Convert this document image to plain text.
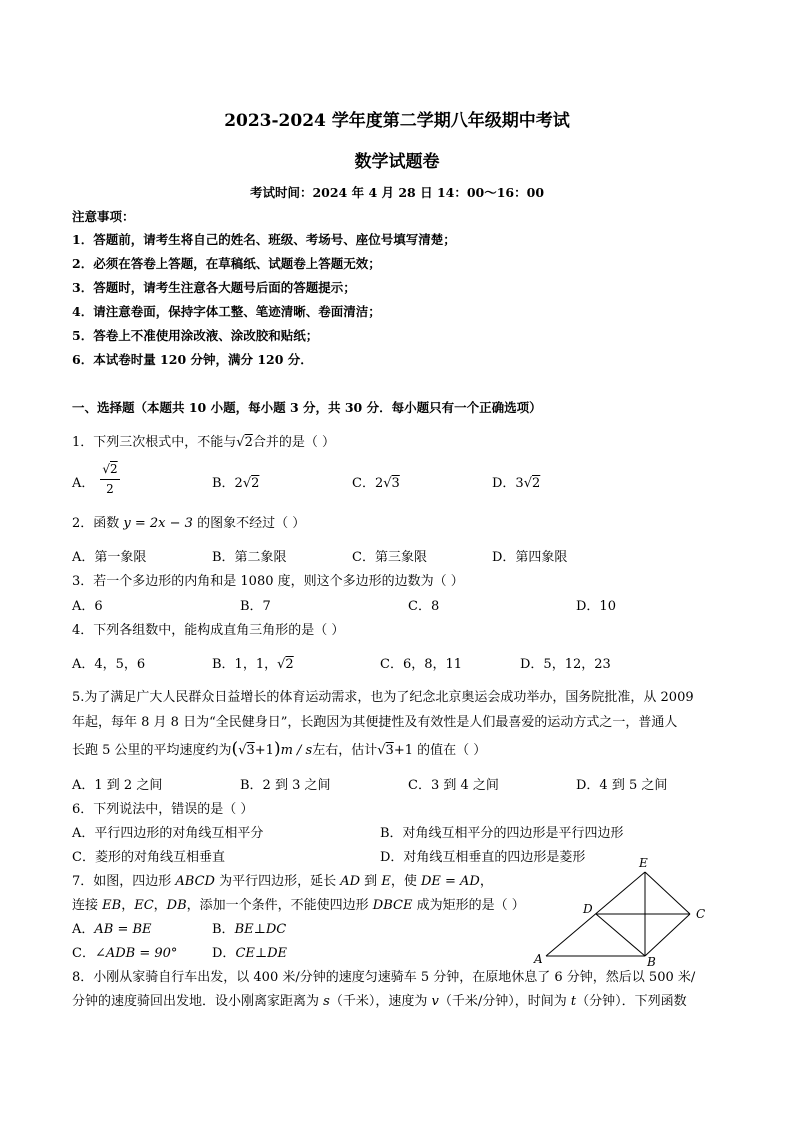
2023-2024 学年度第二学期八年级期中考试
数学试题卷
考试时间：2024 年 4 月 28 日 14：00～16：00
注意事项：
1．答题前，请考生将自己的姓名、班级、考场号、座位号填写清楚；
2．必须在答卷上答题，在草稿纸、试题卷上答题无效；
3．答题时，请考生注意各大题号后面的答题提示；
4．请注意卷面，保持字体工整、笔迹清晰、卷面清洁；
5．答卷上不准使用涂改液、涂改胶和贴纸；
6．本试卷时量 120 分钟，满分 120 分．
一、选择题（本题共 10 小题，每小题 3 分，共 30 分．每小题只有一个正确选项）
1．下列三次根式中，不能与√2合并的是（ ）
A．
√2
2	B．2√2	C．2√3	D．3√2
2．函数 y = 2x − 3 的图象不经过（ ）
A．第一象限	B．第二象限	C．第三象限	D．第四象限
3．若一个多边形的内角和是 1080 度，则这个多边形的边数为（ ）
A．6	B．7	C．8	D．10
4．下列各组数中，能构成直角三角形的是（ ）
A．4，5，6	B．1，1，√2	C．6，8，11	D．5，12，23
5.为了满足广大人民群众日益增长的体育运动需求，也为了纪念北京奥运会成功举办，国务院批准，从 2009
年起，每年 8 月 8 日为“全民健身日”，长跑因为其便捷性及有效性是人们最喜爱的运动方式之一，普通人
长跑 5 公里的平均速度约为(√3+1)m / s左右，估计√3+1 的值在（ ）
A．1 到 2 之间	B．2 到 3 之间	C．3 到 4 之间	D．4 到 5 之间
6．下列说法中，错误的是（ ）
A．平行四边形的对角线互相平分	B．对角线互相平分的四边形是平行四边形
C．菱形的对角线互相垂直	D．对角线互相垂直的四边形是菱形
7．如图，四边形 ABCD 为平行四边形，延长 AD 到 E，使 DE = AD，
连接 EB，EC，DB，添加一个条件，不能使四边形 DBCE 成为矩形的是（ ）
A．AB = BE	B．BE⊥DC
C．∠ADB = 90°	D．CE⊥DE
E
D	C
A	B
8．小刚从家骑自行车出发，以 400 米/分钟的速度匀速骑车 5 分钟，在原地休息了 6 分钟，然后以 500 米/
分钟的速度骑回出发地．设小刚离家距离为 s（千米），速度为 v（千米/分钟），时间为 t（分钟）．下列函数
